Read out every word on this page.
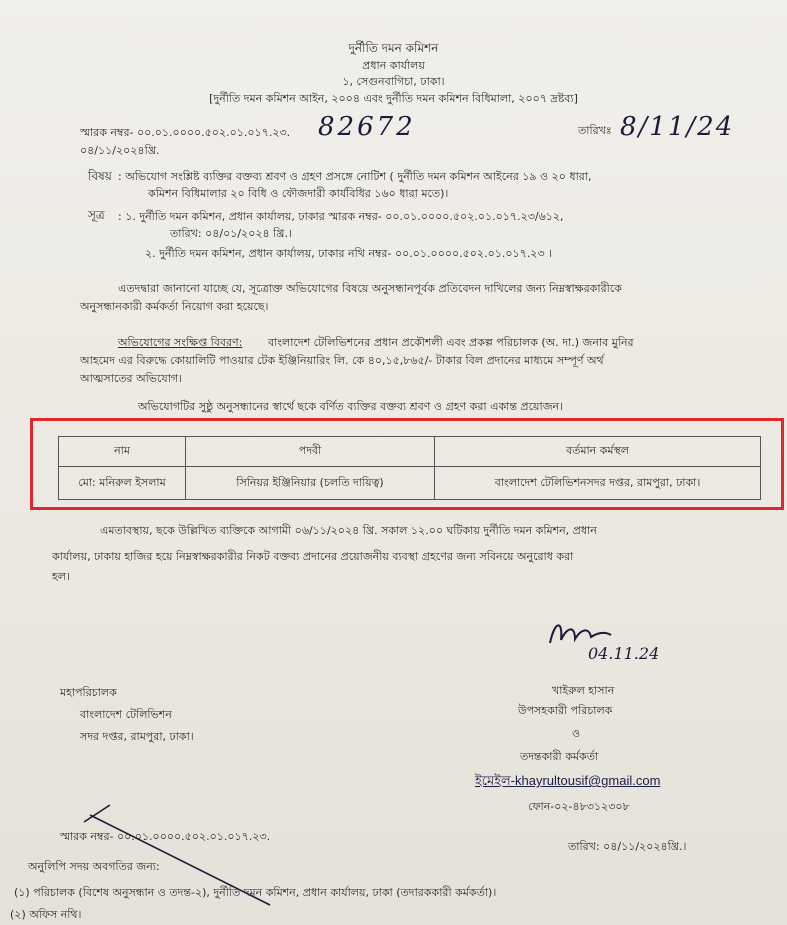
দুর্নীতি দমন কমিশন
প্রধান কার্যালয়
১, সেগুনবাগিচা, ঢাকা।
[দুর্নীতি দমন কমিশন আইন, ২০০৪ এবং দুর্নীতি দমন কমিশন বিধিমালা, ২০০৭ দ্রষ্টব্য]
স্মারক নম্বর- ০০.০১.০০০০.৫০২.০১.০১৭.২৩. 82672	তারিখঃ 8/11/24
০৪/১১/২০২৪খ্রি.
বিষয় : অভিযোগ সংশ্লিষ্ট ব্যক্তির বক্তব্য শ্রবণ ও গ্রহণ প্রসঙ্গে নোটিশ ( দুর্নীতি দমন কমিশন আইনের ১৯ ও ২০ ধারা,
কমিশন বিধিমালার ২০ বিধি ও ফৌজদারী কার্যবিধির ১৬০ ধারা মতে)।
সূত্র : ১. দুর্নীতি দমন কমিশন, প্রধান কার্যালয়, ঢাকার স্মারক নম্বর- ০০.০১.০০০০.৫০২.০১.০১৭.২৩/৬১২,
তারিখ: ০৪/০১/২০২৪ খ্রি.।
২. দুর্নীতি দমন কমিশন, প্রধান কার্যালয়, ঢাকার নথি নম্বর- ০০.০১.০০০০.৫০২.০১.০১৭.২৩ ।
এতদদ্বারা জানানো যাচ্ছে যে, সূত্রোক্ত অভিযোগের বিষয়ে অনুসন্ধানপূর্বক প্রতিবেদন দাখিলের জন্য নিম্নস্বাক্ষরকারীকে
অনুসন্ধানকারী কর্মকর্তা নিয়োগ করা হয়েছে।
অভিযোগের সংক্ষিপ্ত বিবরণ: বাংলাদেশ টেলিভিশনের প্রধান প্রকৌশলী এবং প্রকল্প পরিচালক (অ. দা.) জনাব মুনির
আহমেদ এর বিরুদ্ধে কোয়ালিটি পাওয়ার টেক ইঞ্জিনিয়ারিং লি. কে ৪০,১৫,৮৬৫/- টাকার বিল প্রদানের মাধ্যমে সম্পূর্ণ অর্থ
আত্মসাতের অভিযোগ।
অভিযোগটির সুষ্ঠু অনুসন্ধানের স্বার্থে ছকে বর্ণিত ব্যক্তির বক্তব্য শ্রবণ ও গ্রহণ করা একান্ত প্রয়োজন।
নাম	পদবী	বর্তমান কর্মস্থল
মো: মনিরুল ইসলাম	সিনিয়র ইঞ্জিনিয়ার (চলতি দায়িত্ব)	বাংলাদেশ টেলিভিশনসদর দপ্তর, রামপুরা, ঢাকা।
এমতাবস্থায়, ছকে উল্লিখিত ব্যক্তিকে আগামী ০৬/১১/২০২৪ খ্রি. সকাল ১২.০০ ঘটিকায় দুর্নীতি দমন কমিশন, প্রধান
কার্যালয়, ঢাকায় হাজির হয়ে নিম্নস্বাক্ষরকারীর নিকট বক্তব্য প্রদানের প্রয়োজনীয় ব্যবস্থা গ্রহণের জন্য সবিনয়ে অনুরোধ করা
হল।
04.11.24
খাইরুল হাসান
উপসহকারী পরিচালক
ও
তদন্তকারী কর্মকর্তা
ইমেইল-khayrultousif@gmail.com
ফোন-০২-৪৮৩১২৩০৮
মহাপরিচালক
বাংলাদেশ টেলিভিশন
সদর দপ্তর, রামপুরা, ঢাকা।
স্মারক নম্বর- ০০.০১.০০০০.৫০২.০১.০১৭.২৩.
তারিখ: ০৪/১১/২০২৪খ্রি.।
অনুলিপি সদয় অবগতির জন্য:
(১) পরিচালক (বিশেষ অনুসন্ধান ও তদন্ত-২), দুর্নীতি দমন কমিশন, প্রধান কার্যালয়, ঢাকা (তদারককারী কর্মকর্তা)।
(২) অফিস নথি।
